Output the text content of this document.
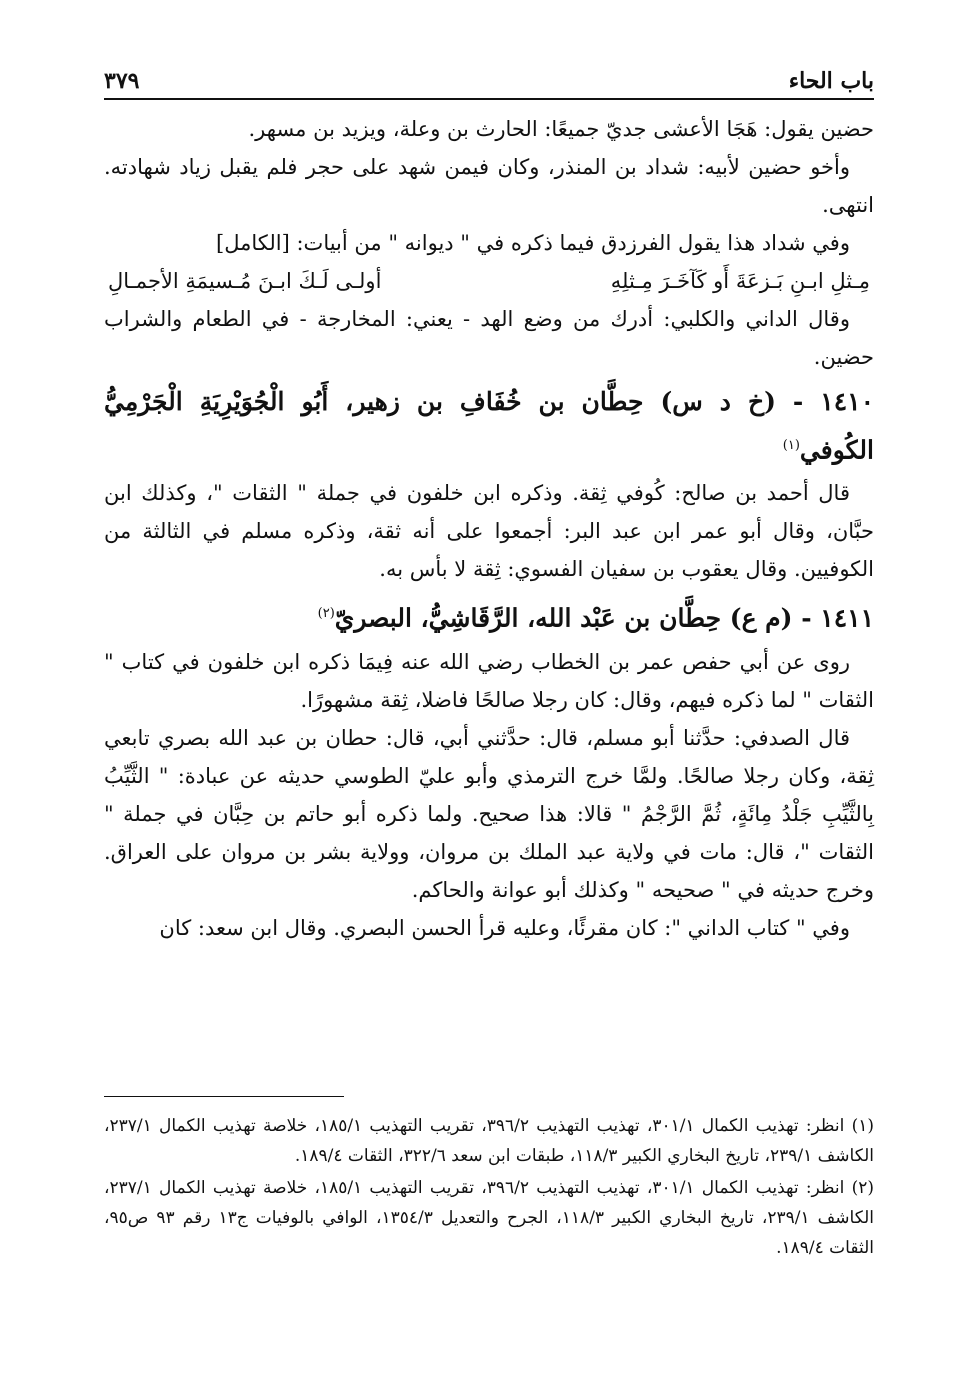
باب الحاء
٣٧٩

حضين يقول: هَجَا الأعشى جديّ جميعًا: الحارث بن وعلة، ويزيد بن مسهر.

وأخو حضين لأبيه: شداد بن المنذر، وكان فيمن شهد على حجر فلم يقبل زياد شهادته. انتهى.

وفي شداد هذا يقول الفرزدق فيما ذكره في " ديوانه " من أبيات: [الكامل]

مِـثلِ ابـنِ بَـزعَةَ أَو كَآخَـرَ مِـثلِهِ
أولـى لَـكَ ابـنَ مُـسيمَةِ الأجمـالِ

وقال الداني والكلبي: أدرك من وضع الهد - يعني: المخارجة - في الطعام والشراب حضين.

١٤١٠ - (خ د س) حِطَّان بن خُفَافِ بن زهير، أَبُو الْجُوَيْرِيَةِ الْجَرْمِيُّ الكُوفي$^{(١)}$

قال أحمد بن صالح: كُوفي ثِقة. وذكره ابن خلفون في جملة " الثقات "، وكذلك ابن حبَّان، وقال أبو عمر ابن عبد البر: أجمعوا على أنه ثقة، وذكره مسلم في الثالثة من الكوفيين. وقال يعقوب بن سفيان الفسوي: ثِقة لا بأس به.

١٤١١ - (م ع) حِطَّان بن عَبْد الله، الرَّقَاشِيُّ، البصريّ$^{(٢)}$

روى عن أبي حفص عمر بن الخطاب رضي الله عنه فِيمَا ذكره ابن خلفون في كتاب " الثقات " لما ذكره فيهم، وقال: كان رجلا صالحًا فاضلا، ثِقة مشهورًا.

قال الصدفي: حدَّثنا أبو مسلم، قال: حدَّثني أبي، قال: حطان بن عبد الله بصري تابعي ثِقة، وكان رجلا صالحًا. ولمَّا خرج الترمذي وأبو عليّ الطوسي حديثه عن عبادة: " الثَّيِّبُ بِالثَّيِّبِ جَلْدُ مِائَةٍ، ثُمَّ الرَّجْمُ " قالا: هذا صحيح. ولما ذكره أبو حاتم بن حِبَّان في جملة " الثقات "، قال: مات في ولاية عبد الملك بن مروان، وولاية بشر بن مروان على العراق. وخرج حديثه في " صحيحه " وكذلك أبو عوانة والحاكم.

وفي " كتاب الداني ": كان مقرئًا، وعليه قرأ الحسن البصري. وقال ابن سعد: كان

(١) انظر: تهذيب الكمال ٣٠١/١، تهذيب التهذيب ٣٩٦/٢، تقريب التهذيب ١٨٥/١، خلاصة تهذيب الكمال ٢٣٧/١، الكاشف ٢٣٩/١، تاريخ البخاري الكبير ١١٨/٣، طبقات ابن سعد ٣٢٢/٦، الثقات ١٨٩/٤.

(٢) انظر: تهذيب الكمال ٣٠١/١، تهذيب التهذيب ٣٩٦/٢، تقريب التهذيب ١٨٥/١، خلاصة تهذيب الكمال ٢٣٧/١، الكاشف ٢٣٩/١، تاريخ البخاري الكبير ١١٨/٣، الجرح والتعديل ١٣٥٤/٣، الوافي بالوفيات ج١٣ رقم ٩٣ ص٩٥، الثقات ١٨٩/٤.
